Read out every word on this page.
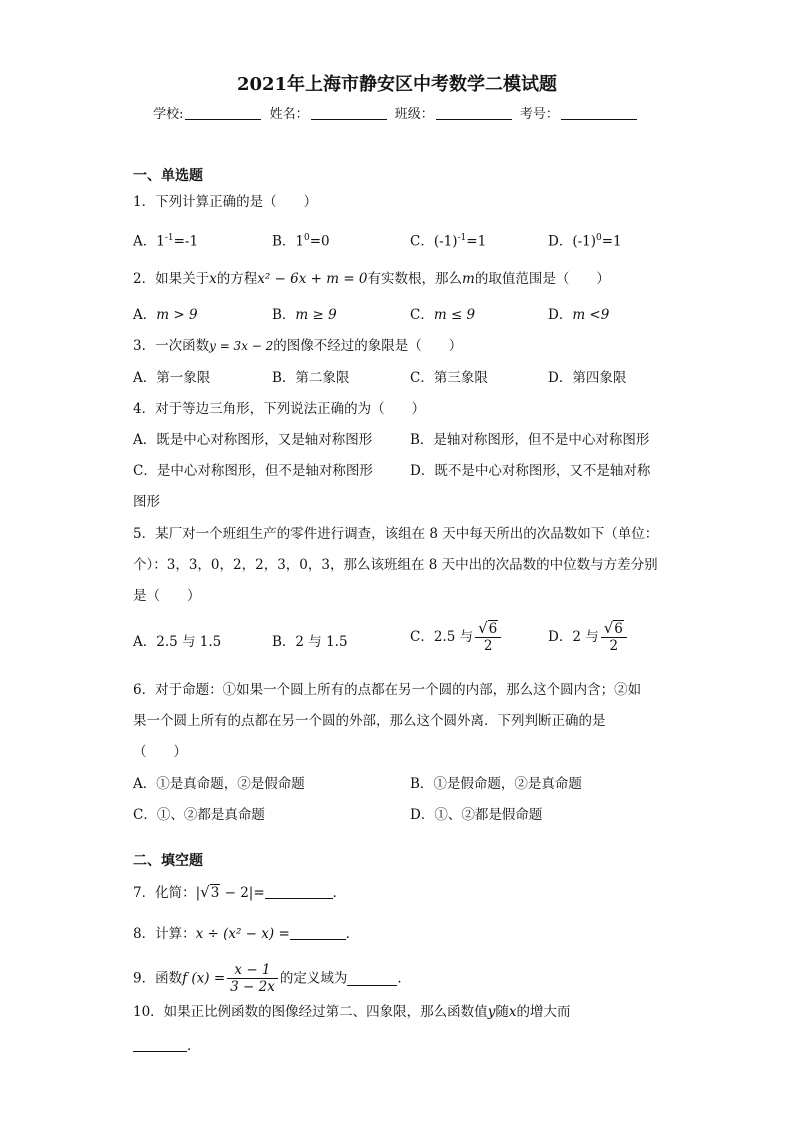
2021年上海市静安区中考数学二模试题
学校:	姓名：	班级：	考号：
一、单选题
1．下列计算正确的是（　　）
A．$1^{-1}=-1$	B．$1^0=0$	C．$(-1)^{-1}=1$	D．$(-1)^0=1$
2．如果关于x的方程x² − 6x + m = 0有实数根，那么m的取值范围是（　　）
A．m > 9	B．m ≥ 9	C．m ≤ 9	D．m <9
3．一次函数y = 3x − 2的图像不经过的象限是（　　）
A．第一象限	B．第二象限	C．第三象限	D．第四象限
4．对于等边三角形，下列说法正确的为（　　）
A．既是中心对称图形，又是轴对称图形	B．是轴对称图形，但不是中心对称图形
C．是中心对称图形，但不是轴对称图形	D．既不是中心对称图形，又不是轴对称
图形
5．某厂对一个班组生产的零件进行调查，该组在 8 天中每天所出的次品数如下（单位：
个）：3，3，0，2，2，3，0，3，那么该班组在 8 天中出的次品数的中位数与方差分别
是（　　）
A．2.5 与 1.5	B．2 与 1.5	C．2.5 与 $\frac{√6}{2}$	D．2 与 $\frac{√6}{2}$
6．对于命题：①如果一个圆上所有的点都在另一个圆的内部，那么这个圆内含；②如
果一个圆上所有的点都在另一个圆的外部，那么这个圆外离．下列判断正确的是
（　　）
A．①是真命题，②是假命题	B．①是假命题，②是真命题
C．①、②都是真命题	D．①、②都是假命题
二、填空题
7．化简：|√3 − 2|=	．
8．计算：x ÷ (x² − x) =	．
9．函数f $(x) = \frac{x - 1}{3 - 2x}$ 的定义域为	．
10．如果正比例函数的图像经过第二、四象限，那么函数值y随x的增大而
．
